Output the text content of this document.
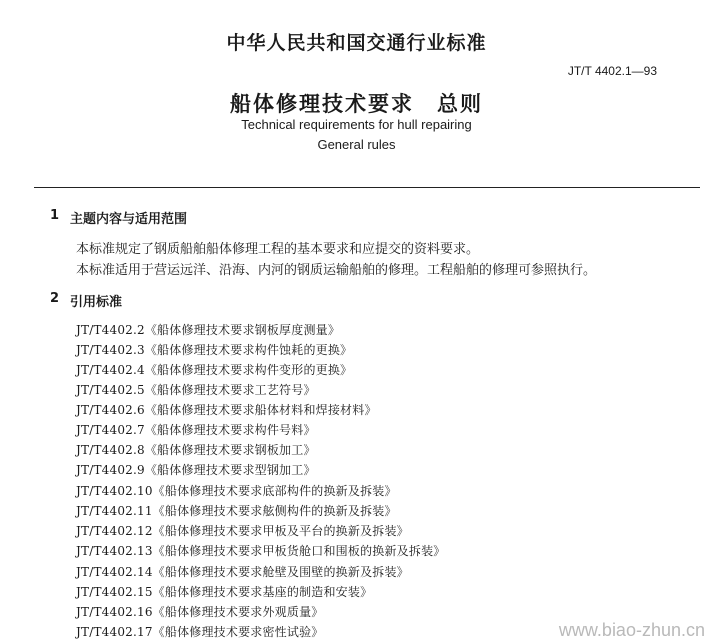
中华人民共和国交通行业标准
JT/T 4402.1—93
船体修理技术要求　总则
Technical requirements for hull repairing
General rules
1 主题内容与适用范围
本标准规定了钢质船舶船体修理工程的基本要求和应提交的资料要求。
本标准适用于营运远洋、沿海、内河的钢质运输船舶的修理。工程船舶的修理可参照执行。
2 引用标准
JT/T4402.2《船体修理技术要求钢板厚度测量》
JT/T4402.3《船体修理技术要求构件蚀耗的更换》
JT/T4402.4《船体修理技术要求构件变形的更换》
JT/T4402.5《船体修理技术要求工艺符号》
JT/T4402.6《船体修理技术要求船体材料和焊接材料》
JT/T4402.7《船体修理技术要求构件号料》
JT/T4402.8《船体修理技术要求钢板加工》
JT/T4402.9《船体修理技术要求型钢加工》
JT/T4402.10《船体修理技术要求底部构件的换新及拆装》
JT/T4402.11《船体修理技术要求舷侧构件的换新及拆装》
JT/T4402.12《船体修理技术要求甲板及平台的换新及拆装》
JT/T4402.13《船体修理技术要求甲板货舱口和围板的换新及拆装》
JT/T4402.14《船体修理技术要求舱壁及围壁的换新及拆装》
JT/T4402.15《船体修理技术要求基座的制造和安装》
JT/T4402.16《船体修理技术要求外观质量》
JT/T4402.17《船体修理技术要求密性试验》	www.biao-zhun.cn
